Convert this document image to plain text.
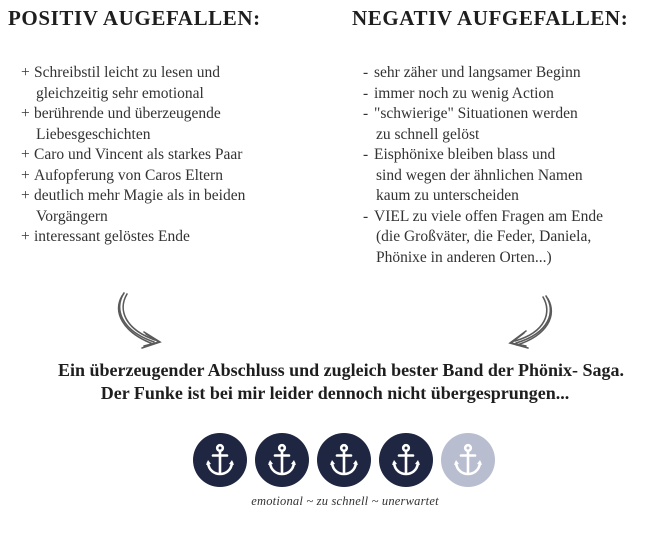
POSITIV AUGEFALLEN:	NEGATIV AUFGEFALLEN:
+ Schreibstil leicht zu lesen und
gleichzeitig sehr emotional
+ berührende und überzeugende
Liebesgeschichten
+ Caro und Vincent als starkes Paar
+ Aufopferung von Caros Eltern
+ deutlich mehr Magie als in beiden
Vorgängern
+ interessant gelöstes Ende
- sehr zäher und langsamer Beginn
- immer noch zu wenig Action
- "schwierige" Situationen werden
zu schnell gelöst
- Eisphönixe bleiben blass und
sind wegen der ähnlichen Namen
kaum zu unterscheiden
- VIEL zu viele offen Fragen am Ende
(die Großväter, die Feder, Daniela,
Phönixe in anderen Orten...)
Ein überzeugender Abschluss und zugleich bester Band der Phönix- Saga.
Der Funke ist bei mir leider dennoch nicht übergesprungen...
emotional ~ zu schnell ~ unerwartet
